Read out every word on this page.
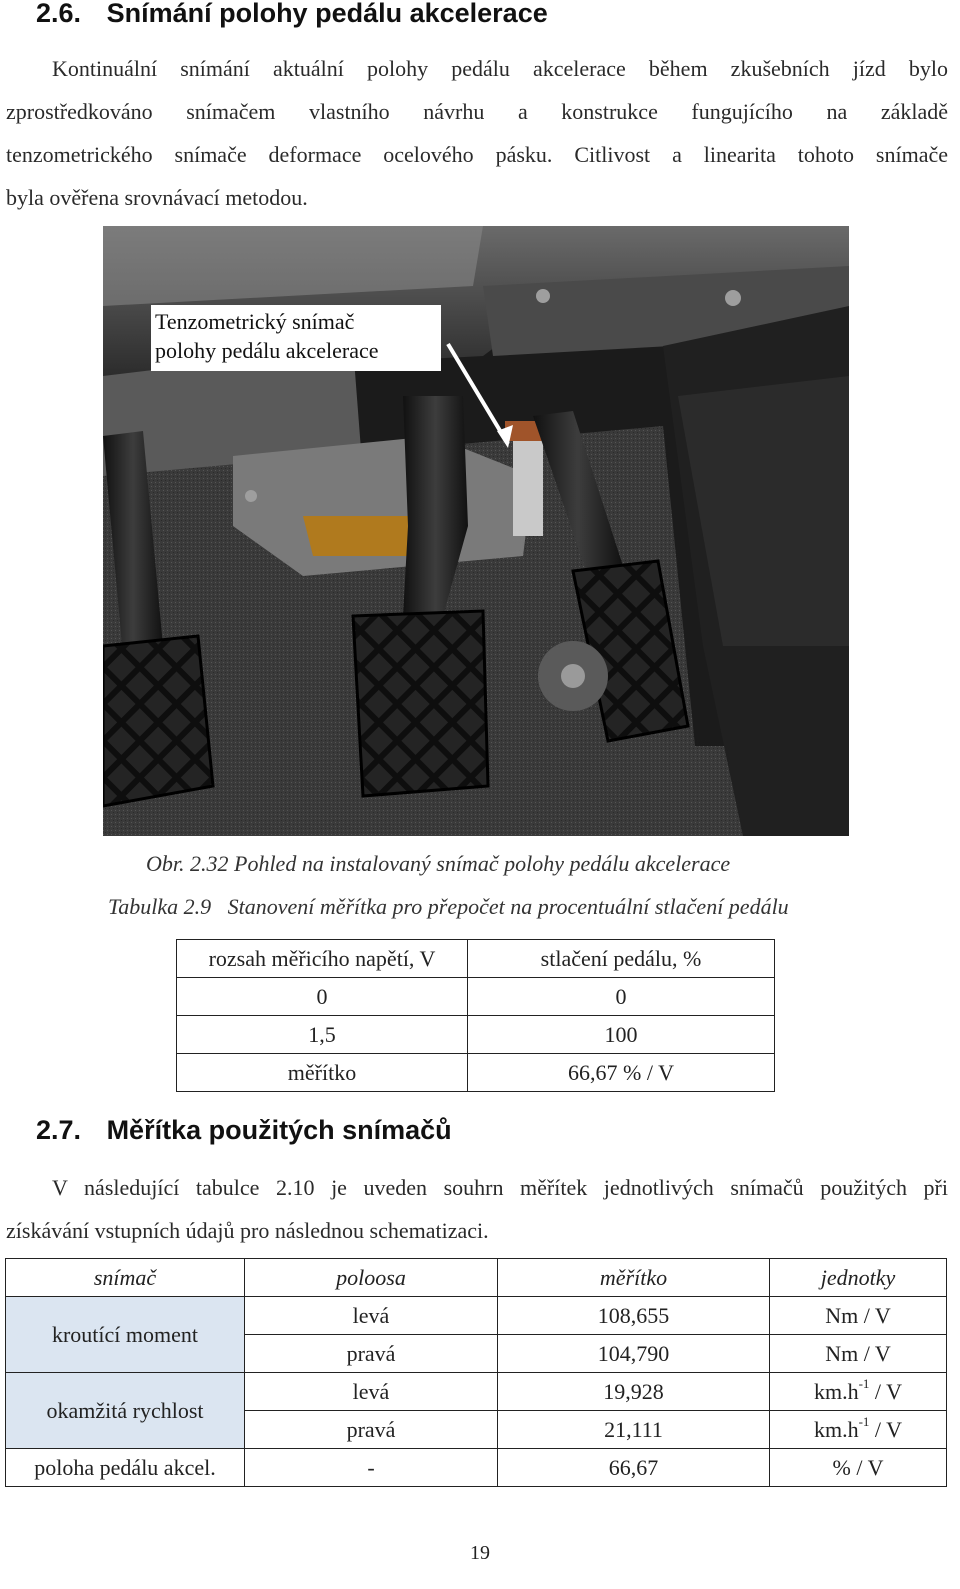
2.6. Snímání polohy pedálu akcelerace
Kontinuální snímání aktuální polohy pedálu akcelerace během zkušebních jízd bylo
zprostředkováno snímačem vlastního návrhu a konstrukce fungujícího na základě
tenzometrického snímače deformace ocelového pásku. Citlivost a linearita tohoto snímače
byla ověřena srovnávací metodou.
Tenzometrický snímač
polohy pedálu akcelerace

Obr. 2.32 Pohled na instalovaný snímač polohy pedálu akcelerace

Tabulka 2.9   Stanovení měřítka pro přepočet na procentuální stlačení pedálu

rozsah měřicího napětí, V	stlačení pedálu, %
0	0
1,5	100
měřítko	66,67 % / V
2.7. Měřítka použitých snímačů
V následující tabulce 2.10 je uveden souhrn měřítek jednotlivých snímačů použitých při
získávání vstupních údajů pro následnou schematizaci.
snímač	poloosa	měřítko	jednotky
kroutící moment	levá	108,655	Nm / V
	pravá	104,790	Nm / V
okamžitá rychlost	levá	19,928	$km.h^{-1}$ / V
	pravá	21,111	$km.h^{-1}$ / V
poloha pedálu akcel.	-	66,67	% / V
19
